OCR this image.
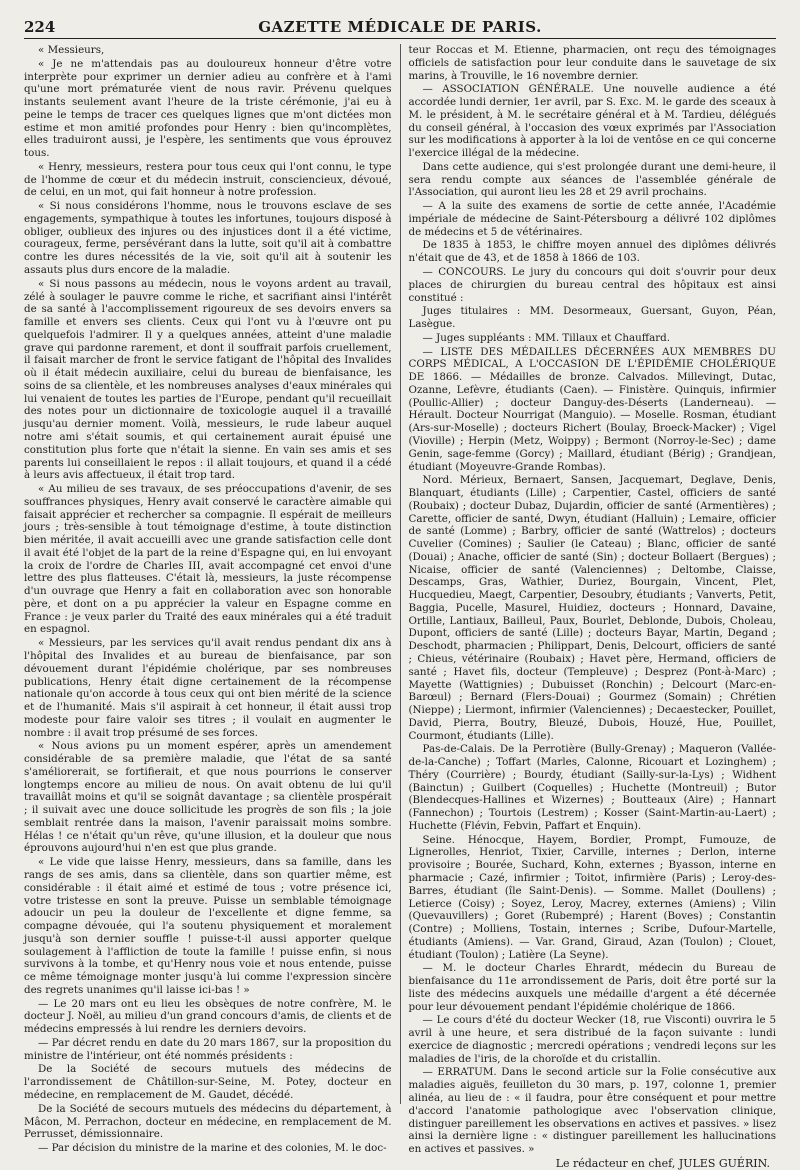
224	GAZETTE MÉDICALE DE PARIS.

« Messieurs,

« Je ne m'attendais pas au douloureux honneur d'être votre interprète pour exprimer un dernier adieu au confrère et à l'ami qu'une mort prématurée vient de nous ravir. Prévenu quelques instants seulement avant l'heure de la triste cérémonie, j'ai eu à peine le temps de tracer ces quelques lignes que m'ont dictées mon estime et mon amitié profondes pour Henry : bien qu'incomplètes, elles traduiront aussi, je l'espère, les sentiments que vous éprouvez tous.

« Henry, messieurs, restera pour tous ceux qui l'ont connu, le type de l'homme de cœur et du médecin instruit, consciencieux, dévoué, de celui, en un mot, qui fait honneur à notre profession.

« Si nous considérons l'homme, nous le trouvons esclave de ses engagements, sympathique à toutes les infortunes, toujours disposé à obliger, oublieux des injures ou des injustices dont il a été victime, courageux, ferme, persévérant dans la lutte, soit qu'il ait à combattre contre les dures nécessités de la vie, soit qu'il ait à soutenir les assauts plus durs encore de la maladie.

« Si nous passons au médecin, nous le voyons ardent au travail, zélé à soulager le pauvre comme le riche, et sacrifiant ainsi l'intérêt de sa santé à l'accomplissement rigoureux de ses devoirs envers sa famille et envers ses clients. Ceux qui l'ont vu à l'œuvre ont pu quelquefois l'admirer. Il y a quelques années, atteint d'une maladie grave qui pardonne rarement, et dont il souffrait parfois cruellement, il faisait marcher de front le service fatigant de l'hôpital des Invalides où il était médecin auxiliaire, celui du bureau de bienfaisance, les soins de sa clientèle, et les nombreuses analyses d'eaux minérales qui lui venaient de toutes les parties de l'Europe, pendant qu'il recueillait des notes pour un dictionnaire de toxicologie auquel il a travaillé jusqu'au dernier moment. Voilà, messieurs, le rude labeur auquel notre ami s'était soumis, et qui certainement aurait épuisé une constitution plus forte que n'était la sienne. En vain ses amis et ses parents lui conseillaient le repos : il allait toujours, et quand il a cédé à leurs avis affectueux, il était trop tard.

« Au milieu de ses travaux, de ses préoccupations d'avenir, de ses souffrances physiques, Henry avait conservé le caractère aimable qui faisait apprécier et rechercher sa compagnie. Il espérait de meilleurs jours ; très-sensible à tout témoignage d'estime, à toute distinction bien méritée, il avait accueilli avec une grande satisfaction celle dont il avait été l'objet de la part de la reine d'Espagne qui, en lui envoyant la croix de l'ordre de Charles III, avait accompagné cet envoi d'une lettre des plus flatteuses. C'était là, messieurs, la juste récompense d'un ouvrage que Henry a fait en collaboration avec son honorable père, et dont on a pu apprécier la valeur en Espagne comme en France : je veux parler du Traité des eaux minérales qui a été traduit en espagnol.

« Messieurs, par les services qu'il avait rendus pendant dix ans à l'hôpital des Invalides et au bureau de bienfaisance, par son dévouement durant l'épidémie cholérique, par ses nombreuses publications, Henry était digne certainement de la récompense nationale qu'on accorde à tous ceux qui ont bien mérité de la science et de l'humanité. Mais s'il aspirait à cet honneur, il était aussi trop modeste pour faire valoir ses titres ; il voulait en augmenter le nombre : il avait trop présumé de ses forces.

« Nous avions pu un moment espérer, après un amendement considérable de sa première maladie, que l'état de sa santé s'améliorerait, se fortifierait, et que nous pourrions le conserver longtemps encore au milieu de nous. On avait obtenu de lui qu'il travaillât moins et qu'il se soignât davantage ; sa clientèle prospérait ; il suivait avec une douce sollicitude les progrès de son fils ; la joie semblait rentrée dans la maison, l'avenir paraissait moins sombre. Hélas ! ce n'était qu'un rêve, qu'une illusion, et la douleur que nous éprouvons aujourd'hui n'en est que plus grande.

« Le vide que laisse Henry, messieurs, dans sa famille, dans les rangs de ses amis, dans sa clientèle, dans son quartier même, est considérable : il était aimé et estimé de tous ; votre présence ici, votre tristesse en sont la preuve. Puisse un semblable témoignage adoucir un peu la douleur de l'excellente et digne femme, sa compagne dévouée, qui l'a soutenu physiquement et moralement jusqu'à son dernier souffle ! puisse-t-il aussi apporter quelque soulagement à l'affliction de toute la famille ! puisse enfin, si nous survivons à la tombe, et qu'Henry nous voie et nous entende, puisse ce même témoignage monter jusqu'à lui comme l'expression sincère des regrets unanimes qu'il laisse ici-bas ! »

— Le 20 mars ont eu lieu les obsèques de notre confrère, M. le docteur J. Noël, au milieu d'un grand concours d'amis, de clients et de médecins empressés à lui rendre les derniers devoirs.

— Par décret rendu en date du 20 mars 1867, sur la proposition du ministre de l'intérieur, ont été nommés présidents :

De la Société de secours mutuels des médecins de l'arrondissement de Châtillon-sur-Seine, M. Potey, docteur en médecine, en remplacement de M. Gaudet, décédé.

De la Société de secours mutuels des médecins du département, à Mâcon, M. Perrachon, docteur en médecine, en remplacement de M. Perrusset, démissionnaire.

— Par décision du ministre de la marine et des colonies, M. le doc-

teur Roccas et M. Etienne, pharmacien, ont reçu des témoignages officiels de satisfaction pour leur conduite dans le sauvetage de six marins, à Trouville, le 16 novembre dernier.

— ASSOCIATION GÉNÉRALE. Une nouvelle audience a été accordée lundi dernier, 1er avril, par S. Exc. M. le garde des sceaux à M. le président, à M. le secrétaire général et à M. Tardieu, délégués du conseil général, à l'occasion des vœux exprimés par l'Association sur les modifications à apporter à la loi de ventôse en ce qui concerne l'exercice illégal de la médecine.

Dans cette audience, qui s'est prolongée durant une demi-heure, il sera rendu compte aux séances de l'assemblée générale de l'Association, qui auront lieu les 28 et 29 avril prochains.

— A la suite des examens de sortie de cette année, l'Académie impériale de médecine de Saint-Pétersbourg a délivré 102 diplômes de médecins et 5 de vétérinaires.

De 1835 à 1853, le chiffre moyen annuel des diplômes délivrés n'était que de 43, et de 1858 à 1866 de 103.

— CONCOURS. Le jury du concours qui doit s'ouvrir pour deux places de chirurgien du bureau central des hôpitaux est ainsi constitué :

Juges titulaires : MM. Desormeaux, Guersant, Guyon, Péan, Lasègue.

— Juges suppléants : MM. Tillaux et Chauffard.

— LISTE DES MÉDAILLES DÉCERNÉES AUX MEMBRES DU CORPS MÉDICAL, A L'OCCASION DE L'ÉPIDÉMIE CHOLÉRIQUE DE 1866. — Médailles de bronze. Calvados. Millevingt, Dutac, Ozanne, Lefèvre, étudiants (Caen). — Finistère. Quinquis, infirmier (Poullic-Allier) ; docteur Danguy-des-Déserts (Landerneau). — Hérault. Docteur Nourrigat (Manguio). — Moselle. Rosman, étudiant (Ars-sur-Moselle) ; docteurs Richert (Boulay, Broeck-Macker) ; Vigel (Vioville) ; Herpin (Metz, Woippy) ; Bermont (Norroy-le-Sec) ; dame Genin, sage-femme (Gorcy) ; Maillard, étudiant (Bérig) ; Grandjean, étudiant (Moyeuvre-Grande Rombas).

Nord. Mérieux, Bernaert, Sansen, Jacquemart, Deglave, Denis, Blanquart, étudiants (Lille) ; Carpentier, Castel, officiers de santé (Roubaix) ; docteur Dubaz, Dujardin, officier de santé (Armentières) ; Carette, officier de santé, Dwyn, étudiant (Halluin) ; Lemaire, officier de santé (Lomme) ; Barbry, officier de santé (Wattrelos) ; docteurs Cuvelier (Comines) ; Saulier (le Cateau) ; Blanc, officier de santé (Douai) ; Anache, officier de santé (Sin) ; docteur Bollaert (Bergues) ; Nicaise, officier de santé (Valenciennes) ; Deltombe, Claisse, Descamps, Gras, Wathier, Duriez, Bourgain, Vincent, Plet, Hucquedieu, Maegt, Carpentier, Desoubry, étudiants ; Vanverts, Petit, Baggia, Pucelle, Masurel, Huidiez, docteurs ; Honnard, Davaine, Ortille, Lantiaux, Bailleul, Paux, Bourlet, Deblonde, Dubois, Choleau, Dupont, officiers de santé (Lille) ; docteurs Bayar, Martin, Degand ; Deschodt, pharmacien ; Philippart, Denis, Delcourt, officiers de santé ; Chieus, vétérinaire (Roubaix) ; Havet père, Hermand, officiers de santé ; Havet fils, docteur (Templeuve) ; Desprez (Pont-à-Marc) ; Mayette (Wattignies) ; Dubuisset (Ronchin) ; Delcourt (Marc-en-Barœul) ; Bernard (Flers-Douai) ; Gourmez (Somain) ; Chrétien (Nieppe) ; Liermont, infirmier (Valenciennes) ; Decaestecker, Pouillet, David, Pierra, Boutry, Bleuzé, Dubois, Houzé, Hue, Pouillet, Courmont, étudiants (Lille).

Pas-de-Calais. De la Perrotière (Bully-Grenay) ; Maqueron (Vallée-de-la-Canche) ; Toffart (Marles, Calonne, Ricouart et Lozinghem) ; Théry (Courrière) ; Bourdy, étudiant (Sailly-sur-la-Lys) ; Widhent (Bainctun) ; Guilbert (Coquelles) ; Huchette (Montreuil) ; Butor (Blendecques-Hallines et Wizernes) ; Boutteaux (Aire) ; Hannart (Fannechon) ; Tourtois (Lestrem) ; Kosser (Saint-Martin-au-Laert) ; Huchette (Flévin, Febvin, Paffart et Enquin).

Seine. Hénocque, Hayem, Bordier, Prompt, Fumouze, de Lignerolles, Henriot, Tixier, Carville, internes ; Derlon, interne provisoire ; Bourée, Suchard, Kohn, externes ; Byasson, interne en pharmacie ; Cazé, infirmier ; Toitot, infirmière (Paris) ; Leroy-des-Barres, étudiant (île Saint-Denis). — Somme. Mallet (Doullens) ; Letierce (Coisy) ; Soyez, Leroy, Macrey, externes (Amiens) ; Vilin (Quevauvillers) ; Goret (Rubempré) ; Harent (Boves) ; Constantin (Contre) ; Molliens, Tostain, internes ; Scribe, Dufour-Martelle, étudiants (Amiens). — Var. Grand, Giraud, Azan (Toulon) ; Clouet, étudiant (Toulon) ; Latière (La Seyne).

— M. le docteur Charles Ehrardt, médecin du Bureau de bienfaisance du 11e arrondissement de Paris, doit être porté sur la liste des médecins auxquels une médaille d'argent a été décernée pour leur dévouement pendant l'épidémie cholérique de 1866.

— Le cours d'été du docteur Wecker (18, rue Visconti) ouvrira le 5 avril à une heure, et sera distribué de la façon suivante : lundi exercice de diagnostic ; mercredi opérations ; vendredi leçons sur les maladies de l'iris, de la choroïde et du cristallin.

— ERRATUM. Dans le second article sur la Folie consécutive aux maladies aiguës, feuilleton du 30 mars, p. 197, colonne 1, premier alinéa, au lieu de : « il faudra, pour être conséquent et pour mettre d'accord l'anatomie pathologique avec l'observation clinique, distinguer pareillement les observations en actives et passives. » lisez ainsi la dernière ligne : « distinguer pareillement les hallucinations en actives et passives. »

Le rédacteur en chef, JULES GUÉRIN.
